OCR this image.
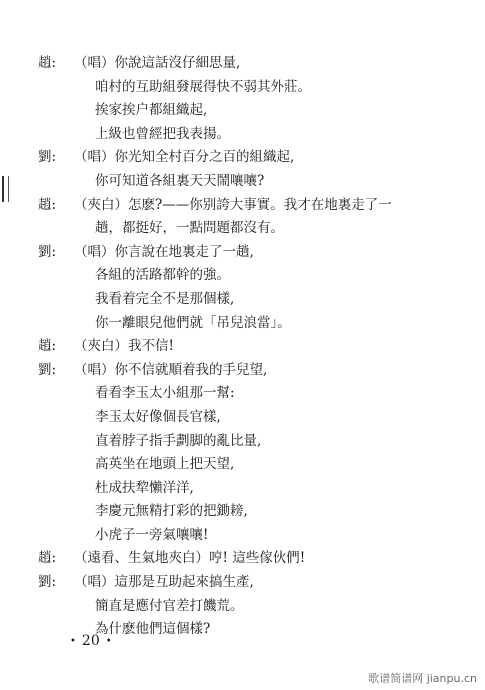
趙: （唱）你說這話沒仔細思量,
咱村的互助組發展得快不弱其外莊。
挨家挨户都組織起,
上級也曾經把我表揚。
劉: （唱）你光知全村百分之百的組織起,
你可知道各組裏天天鬧嚷嚷?
趙: （夾白）怎麽?——你别誇大事實。我才在地裏走了一
趟，都挺好，一點問題都沒有。
劉: （唱）你言說在地裏走了一趟,
各組的活路都幹的強。
我看着完全不是那個樣,
你一離眼兒他們就「吊兒浪當」。
趙: （夾白）我不信!
劉: （唱）你不信就順着我的手兒望,
看看李玉太小組那一幫:
李玉太好像個長官樣,
直着脖子指手劃脚的亂比量,
高英坐在地頭上把天望,
杜成扶犂懶洋洋,
李慶元無精打彩的把鋤耪,
小虎子一旁氣嚷嚷!
趙: （遠看、生氣地夾白）哼! 這些傢伙們!
劉: （唱）這那是互助起來搞生產,
簡直是應付官差打饑荒。
為什麽他們這個樣?
• 20 •
歌谱简谱网 jianpu.cn
